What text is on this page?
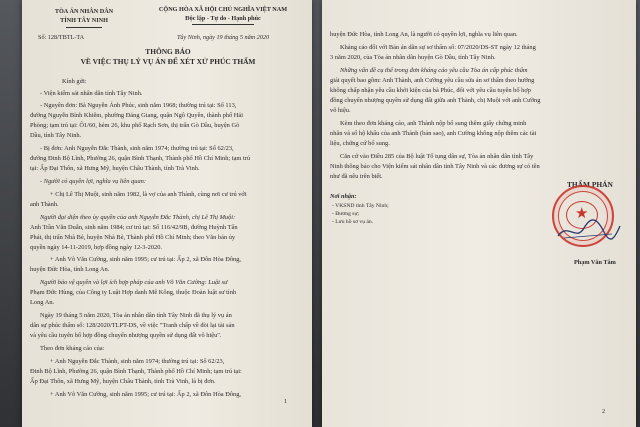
TÒA ÁN NHÂN DÂN
TỈNH TÂY NINH
Số: 128/TBTL-TA
CỘNG HÒA XÃ HỘI CHỦ NGHĨA VIỆT NAM
Độc lập - Tự do - Hạnh phúc
Tây Ninh, ngày 19 tháng 5 năm 2020
THÔNG BÁO
VỀ VIỆC THỤ LÝ VỤ ÁN ĐỂ XÉT XỬ PHÚC THẨM
Kính gửi:
- Viện kiểm sát nhân dân tỉnh Tây Ninh.
- Nguyên đơn: Bà Nguyễn Ánh Phúc, sinh năm 1968; thường trú tại: Số 113,
đường Nguyễn Bỉnh Khiêm, phường Đảng Giang, quận Ngô Quyền, thành phố Hải
Phòng; tạm trú tại: Ô1/60, hẻm 26, khu phố Rạch Sơn, thị trấn Gò Dầu, huyện Gò
Dầu, tỉnh Tây Ninh.
- Bị đơn: Anh Nguyễn Đắc Thành, sinh năm 1974; thường trú tại: Số 62/23,
đường Đinh Bộ Lĩnh, Phường 26, quận Bình Thạnh, Thành phố Hồ Chí Minh; tạm trú
tại: Ấp Đại Thôn, xã Hưng Mỹ, huyện Châu Thành, tỉnh Trà Vinh.
- Người có quyền lợi, nghĩa vụ liên quan:
+ Chị Lê Thị Muội, sinh năm 1982, là vợ của anh Thành, cùng nơi cư trú với
anh Thành.
Người đại diện theo ủy quyền của anh Nguyễn Đắc Thành, chị Lê Thị Muội:
Anh Trần Văn Duẫn, sinh năm 1984; cư trú tại: Số 116/42/9B, đường Huỳnh Tấn
Phát, thị trấn Nhà Bè, huyện Nhà Bè, Thành phố Hồ Chí Minh; theo Văn bản ủy
quyền ngày 14-11-2019, hợp đồng ngày 12-3-2020.
+ Anh Võ Văn Cường, sinh năm 1995; cư trú tại: Ấp 2, xã Đôn Hòa Đông,
huyện Đức Hòa, tỉnh Long An.
Người bảo vệ quyền và lợi ích hợp pháp của anh Võ Văn Cường: Luật sư
Phạm Đức Hùng, của Công ty Luật Hợp danh Mê Kông, thuộc Đoàn luật sư tỉnh
Long An.
Ngày 19 tháng 5 năm 2020, Tòa án nhân dân tỉnh Tây Ninh đã thụ lý vụ án
dân sự phúc thẩm số: 128/2020/TLPT-DS, về việc "Tranh chấp về đòi lại tài sản
và yêu cầu tuyên bố hợp đồng chuyển nhượng quyền sử dụng đất vô hiệu".
Theo đơn kháng cáo của:
+ Anh Nguyễn Đắc Thành, sinh năm 1974; thường trú tại: Số 62/23,
Đinh Bộ Lĩnh, Phường 26, quận Bình Thạnh, Thành phố Hồ Chí Minh; tạm trú tại:
Ấp Đại Thôn, xã Hưng Mỹ, huyện Châu Thành, tỉnh Trà Vinh, là bị đơn.
+ Anh Võ Văn Cường, sinh năm 1995; cư trú tại: Ấp 2, xã Đôn Hòa Đông,
1
huyện Đức Hòa, tỉnh Long An, là người có quyền lợi, nghĩa vụ liên quan.
Kháng cáo đối với Bản án dân sự sơ thẩm số: 07/2020/DS-ST ngày 12 tháng
3 năm 2020, của Tòa án nhân dân huyện Gò Dầu, tỉnh Tây Ninh.
Những vấn đề cụ thể trong đơn kháng cáo yêu cầu Tòa án cấp phúc thẩm
giải quyết bao gồm: Anh Thành, anh Cường yêu cầu sửa án sơ thẩm theo hướng
không chấp nhận yêu cầu khởi kiện của bà Phúc, đối với yêu cầu tuyên bố hợp
đồng chuyển nhượng quyền sử dụng đất giữa anh Thành, chị Muội với anh Cường
vô hiệu.
Kèm theo đơn kháng cáo, anh Thành nộp bổ sung thêm giấy chứng minh
nhân và sổ hộ khẩu của anh Thành (bản sao), anh Cường không nộp thêm các tài
liệu, chứng cứ bổ sung.
Căn cứ vào Điều 285 của Bộ luật Tố tụng dân sự, Tòa án nhân dân tỉnh Tây
Ninh thông báo cho Viện kiểm sát nhân dân tỉnh Tây Ninh và các đương sự có tên
như đã nêu trên biết.
Nơi nhận:
- VKSND tỉnh Tây Ninh;
- Đương sự;
- Lưu hồ sơ vụ án.
THẨM PHÁN
★
Phạm Văn Tâm
2
